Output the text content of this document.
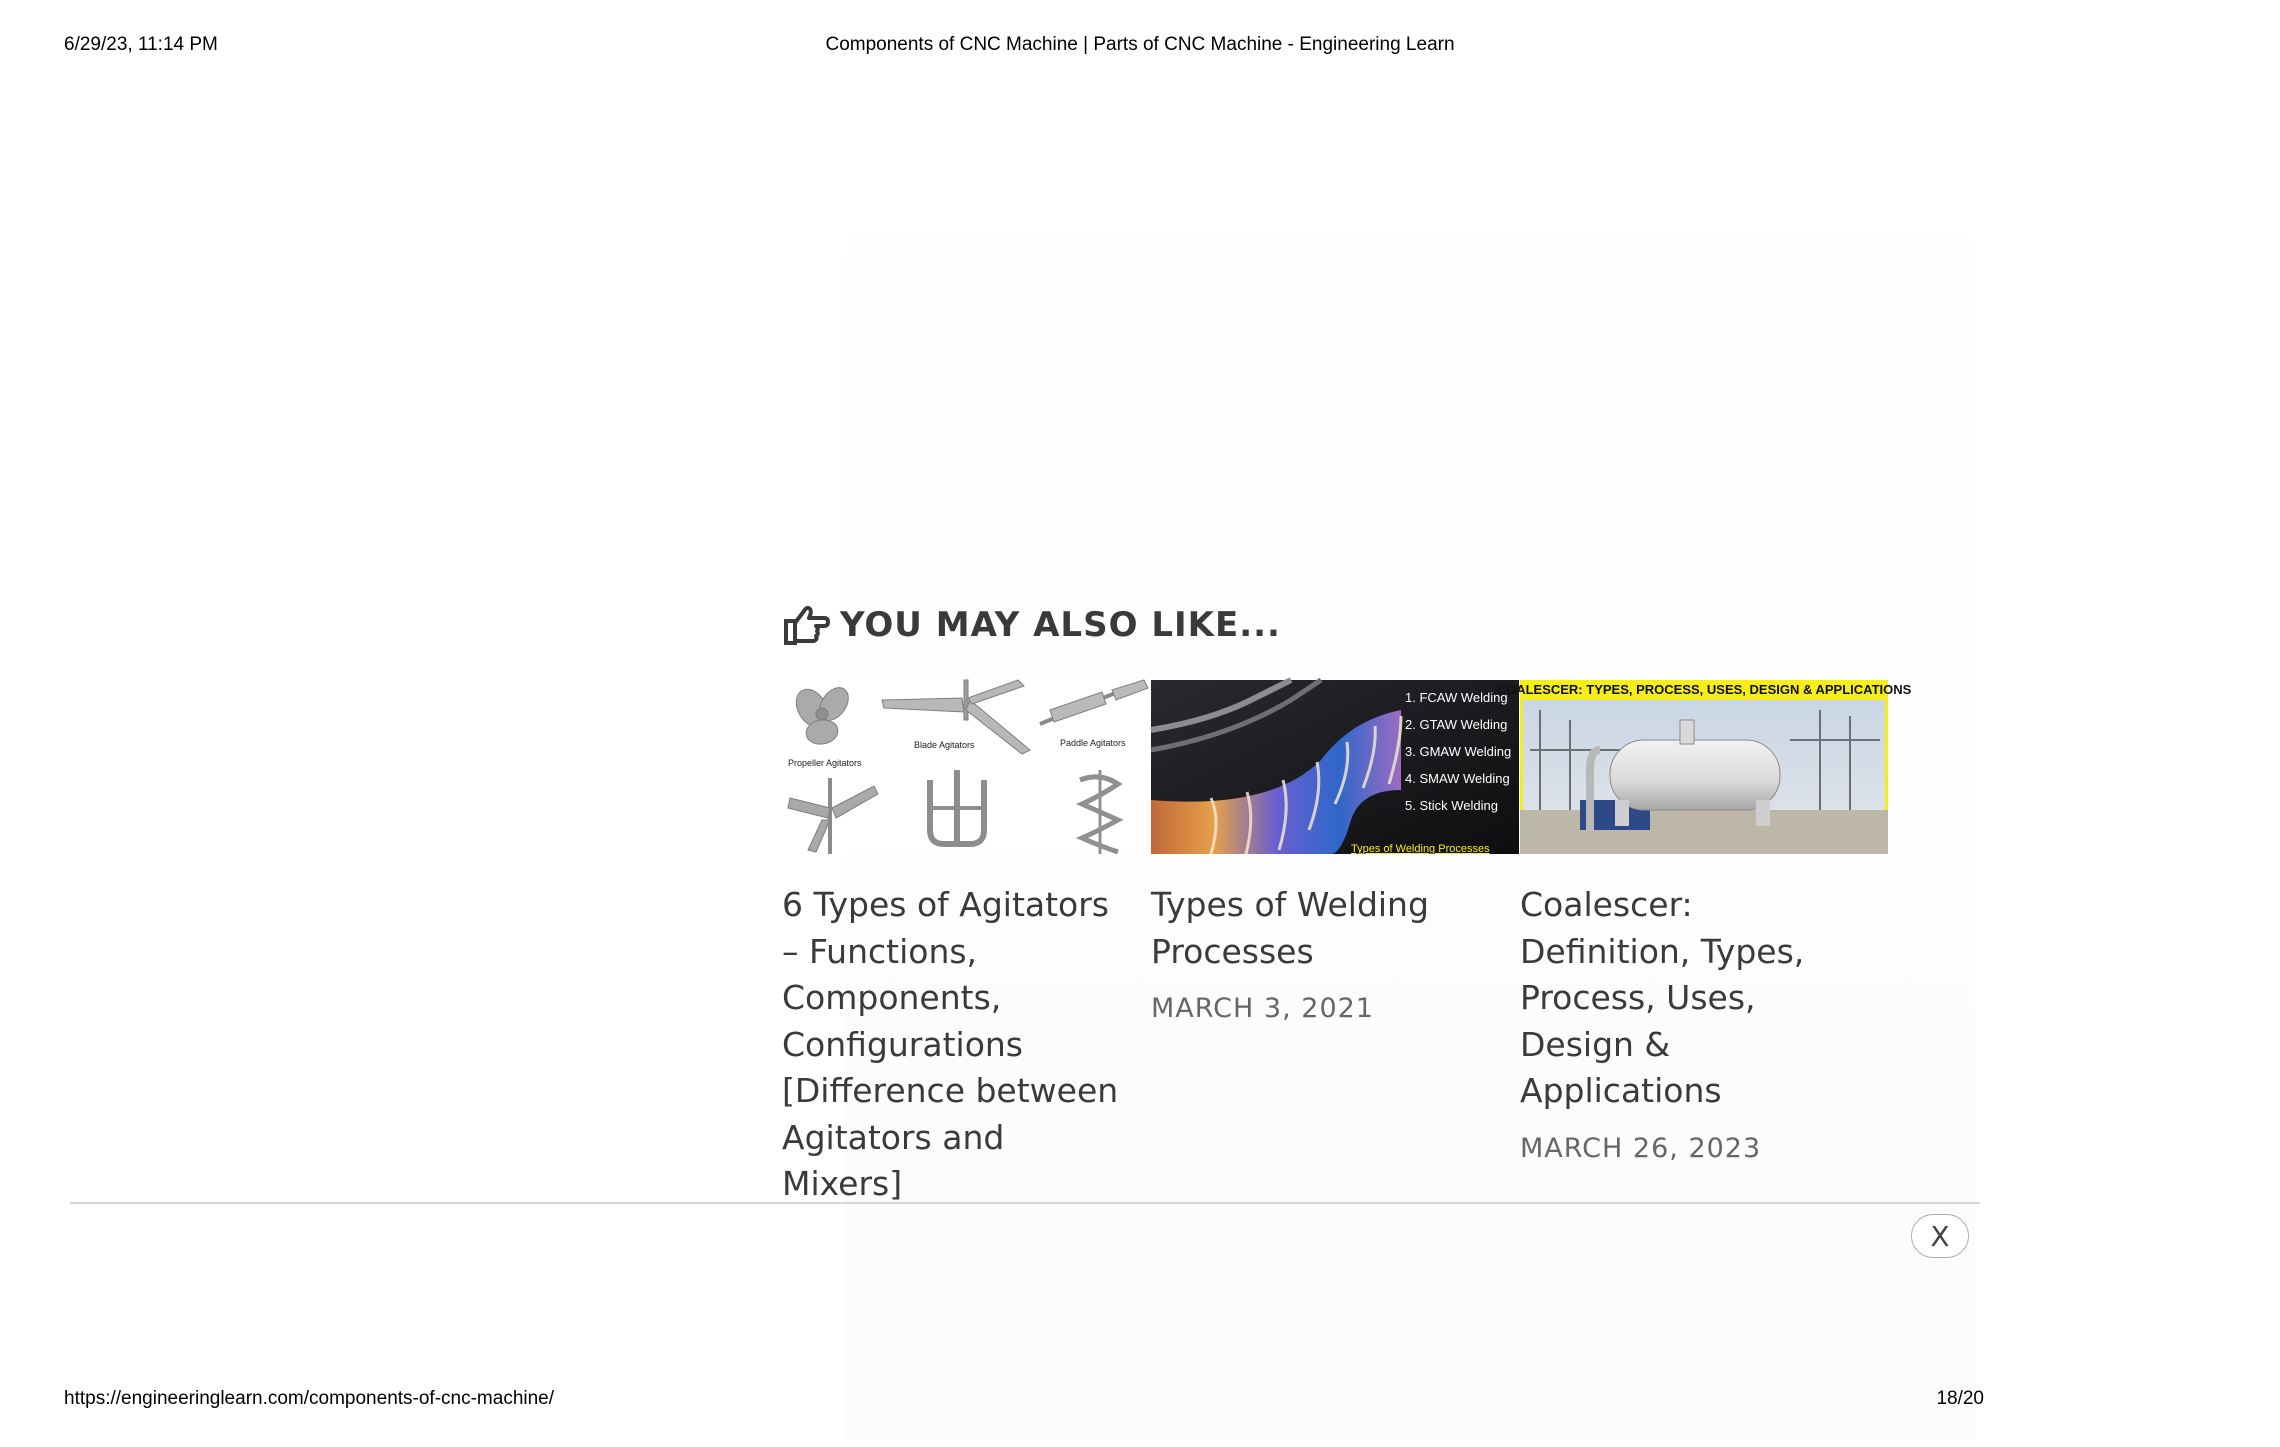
6/29/23, 11:14 PM	Components of CNC Machine | Parts of CNC Machine - Engineering Learn
YOU MAY ALSO LIKE...
Propeller Agitators
Blade Agitators	Paddle Agitators
6 Types of Agitators – Functions, Components, Configurations [Difference between Agitators and Mixers]
1. FCAW Welding
2. GTAW Welding
3. GMAW Welding
4. SMAW Welding
5. Stick Welding
Types of Welding Processes
Types of Welding Processes
MARCH 3, 2021
COALESCER: TYPES, PROCESS, USES, DESIGN & APPLICATIONS
Coalescer: Definition, Types, Process, Uses, Design & Applications
MARCH 26, 2023
X
https://engineeringlearn.com/components-of-cnc-machine/	18/20
